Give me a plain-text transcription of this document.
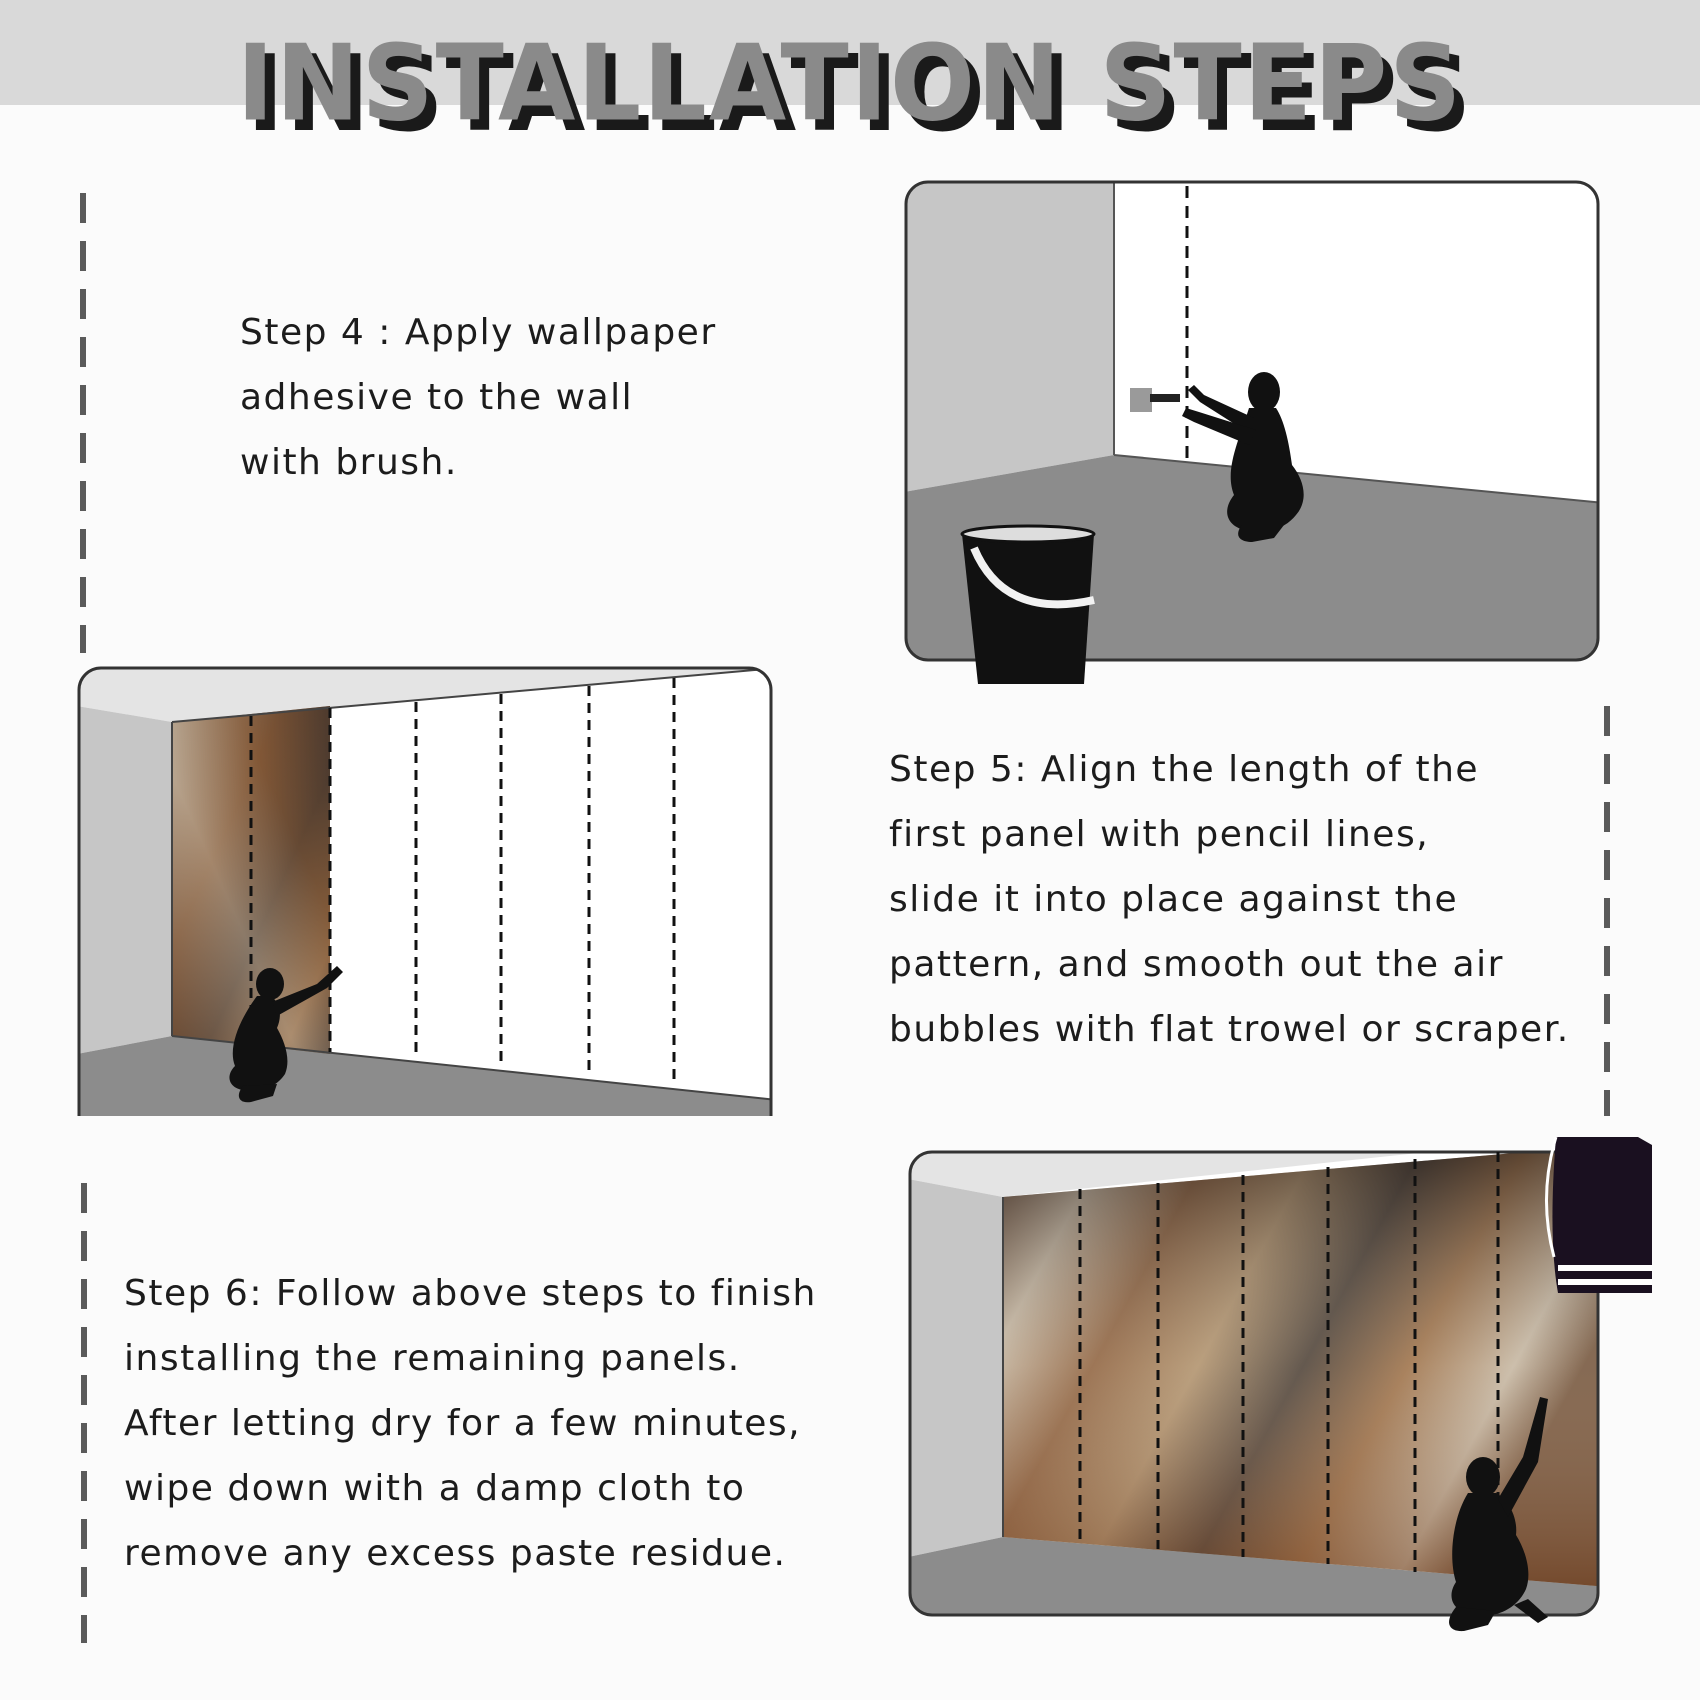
INSTALLATION STEPS
Step 4 : Apply wallpaper
adhesive to the wall
with brush.
Step 5: Align the length of the
first panel with pencil lines,
slide it into place against the
pattern, and smooth out the air
bubbles with flat trowel or scraper.
Step 6: Follow above steps to finish
installing the remaining panels.
After letting dry for a few minutes,
wipe down with a damp cloth to
remove any excess paste residue.
